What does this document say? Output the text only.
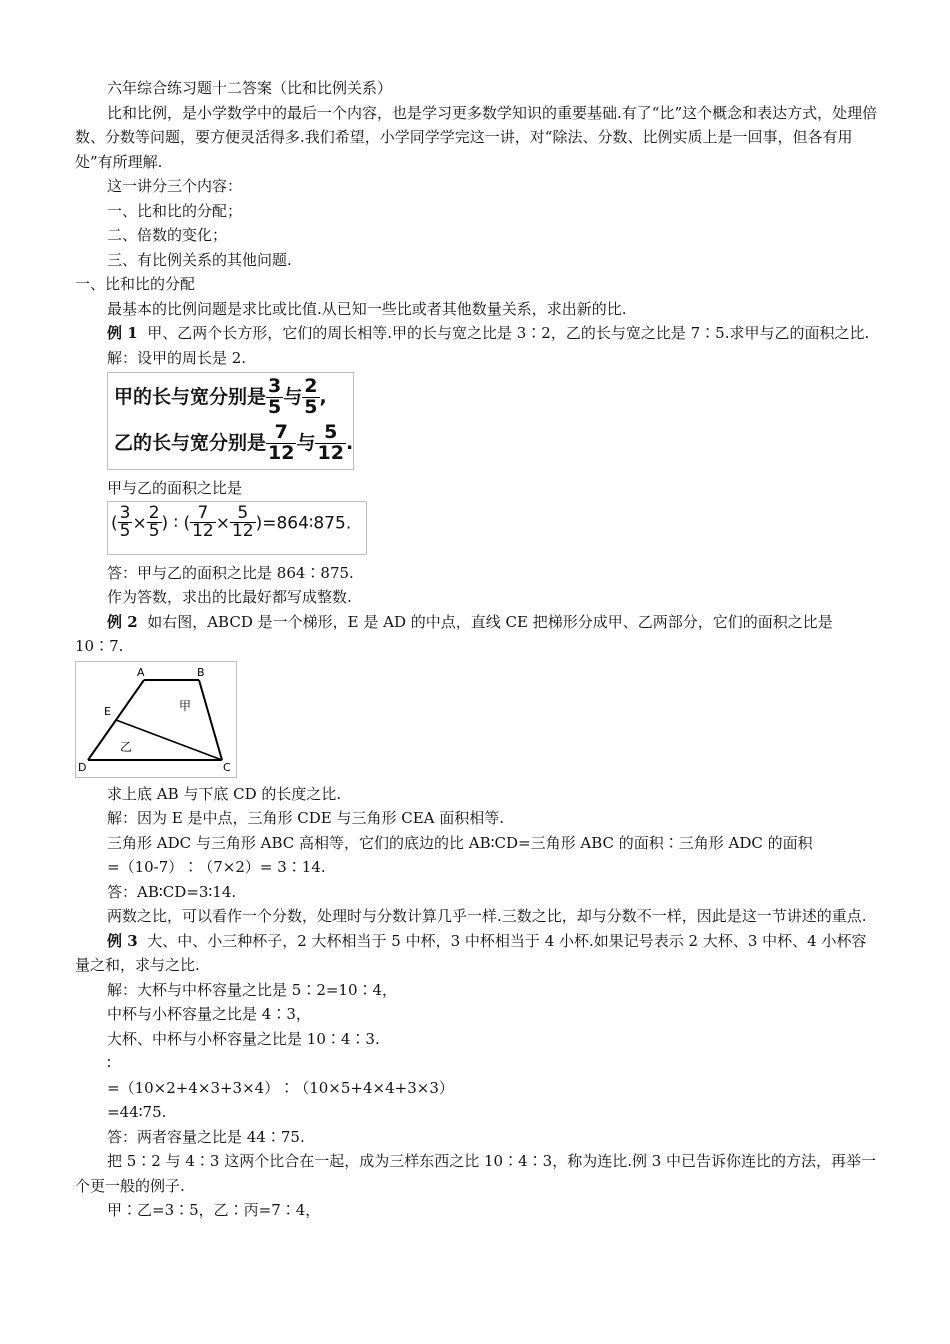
六年综合练习题十二答案（比和比例关系）

比和比例，是小学数学中的最后一个内容，也是学习更多数学知识的重要基础.有了“比”这个概念和表达方式，处理倍数、分数等问题，要方便灵活得多.我们希望，小学同学学完这一讲，对“除法、分数、比例实质上是一回事，但各有用处”有所理解.

这一讲分三个内容：

一、比和比的分配；

二、倍数的变化；

三、有比例关系的其他问题.

一、比和比的分配

最基本的比例问题是求比或比值.从已知一些比或者其他数量关系，求出新的比.

例 1 甲、乙两个长方形，它们的周长相等.甲的长与宽之比是 3∶2，乙的长与宽之比是 7∶5.求甲与乙的面积之比.

解：设甲的周长是 2.

甲的长与宽分别是 $\frac{3}{5}$ 与 $\frac{2}{5}$ ,
乙的长与宽分别是 $\frac{7}{12}$ 与 $\frac{5}{12}$ .

甲与乙的面积之比是

( $\frac{3}{5} \times \frac{2}{5}$ ) ∶ ( $\frac{7}{12} \times \frac{5}{12}$ )=864∶875.

答：甲与乙的面积之比是 864∶875.

作为答数，求出的比最好都写成整数.

例 2 如右图，ABCD 是一个梯形，E 是 AD 的中点，直线 CE 把梯形分成甲、乙两部分，它们的面积之比是 10∶7.

A	B
C
D
E	甲
乙

求上底 AB 与下底 CD 的长度之比.

解：因为 E 是中点，三角形 CDE 与三角形 CEA 面积相等.

三角形 ADC 与三角形 ABC 高相等，它们的底边的比 AB∶CD=三角形 ABC 的面积∶三角形 ADC 的面积

=（10-7）∶（7×2）= 3∶14.

答：AB∶CD=3∶14.

两数之比，可以看作一个分数，处理时与分数计算几乎一样.三数之比，却与分数不一样，因此是这一节讲述的重点.

例 3 大、中、小三种杯子，2 大杯相当于 5 中杯，3 中杯相当于 4 小杯.如果记号表示 2 大杯、3 中杯、4 小杯容量之和，求与之比.

解：大杯与中杯容量之比是 5∶2=10∶4，

中杯与小杯容量之比是 4∶3，

大杯、中杯与小杯容量之比是 10∶4∶3.

∶

=（10×2+4×3+3×4）∶（10×5+4×4+3×3）

=44∶75.

答：两者容量之比是 44∶75.

把 5∶2 与 4∶3 这两个比合在一起，成为三样东西之比 10∶4∶3，称为连比.例 3 中已告诉你连比的方法，再举一个更一般的例子.

甲∶乙=3∶5，乙∶丙=7∶4，
